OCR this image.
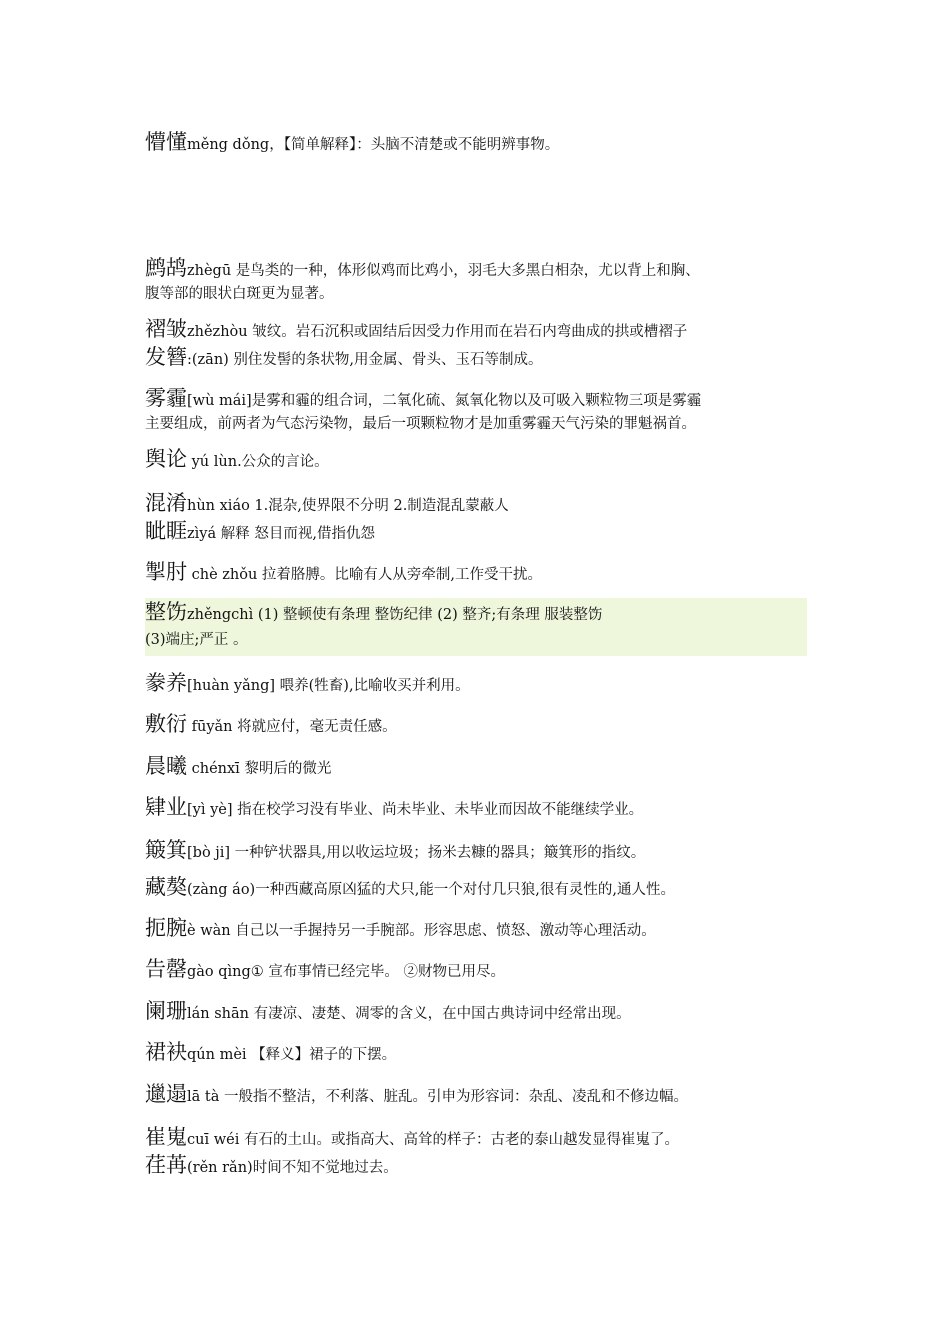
懵懂měng dǒng，【简单解释】：头脑不清楚或不能明辨事物。
鹧鸪zhègū 是鸟类的一种，体形似鸡而比鸡小，羽毛大多黑白相杂，尤以背上和胸、
腹等部的眼状白斑更为显著。
褶皱zhězhòu 皱纹。岩石沉积或固结后因受力作用而在岩石内弯曲成的拱或槽褶子
发簪:(zān) 别住发髻的条状物,用金属、骨头、玉石等制成。
雾霾[wù mái]是雾和霾的组合词，二氧化硫、氮氧化物以及可吸入颗粒物三项是雾霾
主要组成，前两者为气态污染物，最后一项颗粒物才是加重雾霾天气污染的罪魁祸首。
舆论 yú lùn.公众的言论。
混淆hùn xiáo 1.混杂,使界限不分明 2.制造混乱蒙蔽人
眦睚zìyá 解释 怒目而视,借指仇怨
掣肘 chè zhǒu 拉着胳膊。比喻有人从旁牵制,工作受干扰。
整饬zhěngchì (1) 整顿使有条理 整饬纪律 (2) 整齐;有条理 服装整饬
(3)端庄;严正 。
豢养[huàn yǎng] 喂养(牲畜),比喻收买并利用。
敷衍 fūyǎn 将就应付，毫无责任感。
晨曦 chénxī 黎明后的微光
肄业[yì yè] 指在校学习没有毕业、尚未毕业、未毕业而因故不能继续学业。
簸箕[bò ji] 一种铲状器具,用以收运垃圾；扬米去糠的器具；簸箕形的指纹。
藏獒(zàng áo)一种西藏高原凶猛的犬只,能一个对付几只狼,很有灵性的,通人性。
扼腕è wàn 自己以一手握持另一手腕部。形容思虑、愤怒、激动等心理活动。
告罄gào qìng① 宣布事情已经完毕。 ②财物已用尽。
阑珊lán shān 有凄凉、凄楚、凋零的含义，在中国古典诗词中经常出现。
裙袂qún mèi 【释义】裙子的下摆。
邋遢lā tà 一般指不整洁，不利落、脏乱。引申为形容词：杂乱、凌乱和不修边幅。
崔嵬cuī wéi 有石的土山。或指高大、高耸的样子：古老的泰山越发显得崔嵬了。
荏苒(rěn rǎn)时间不知不觉地过去。
